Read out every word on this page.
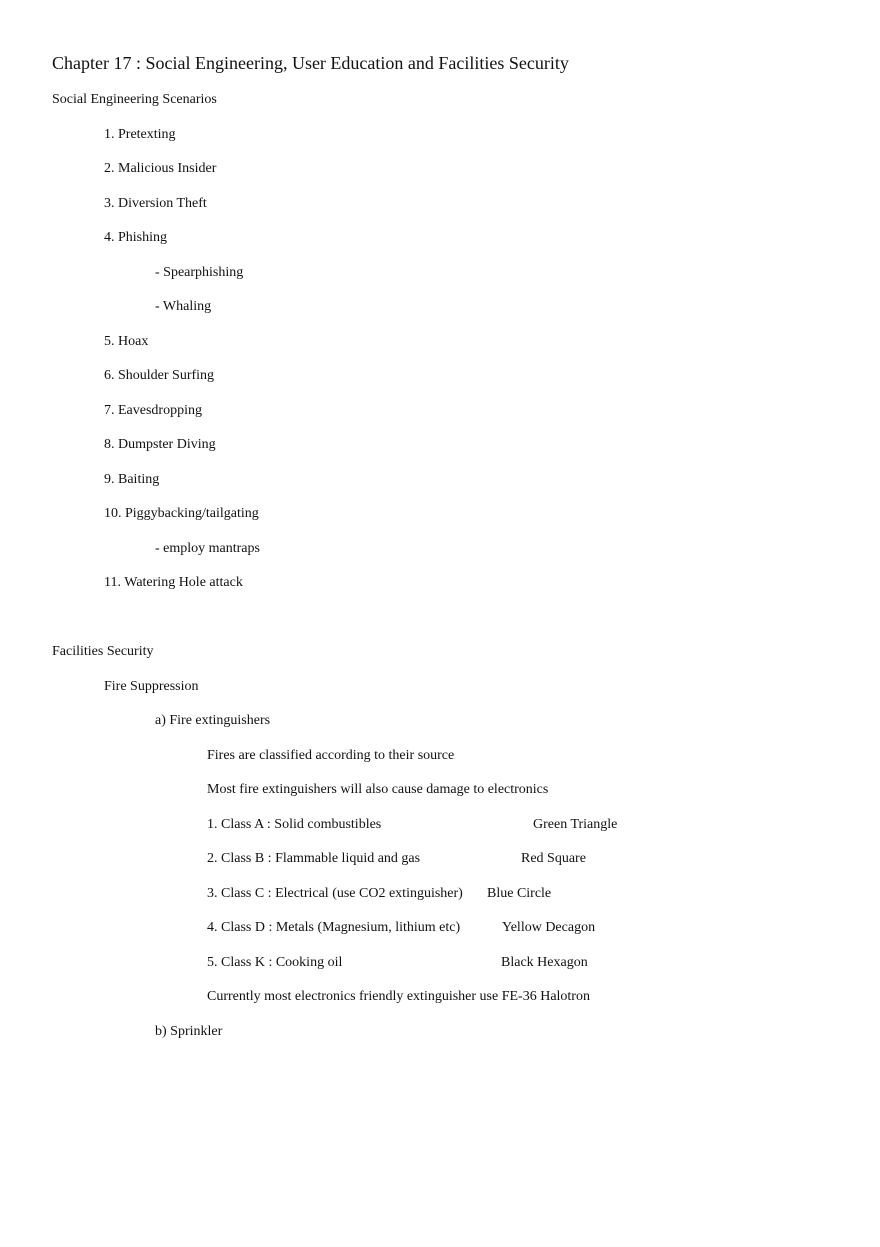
Chapter 17 : Social Engineering, User Education and Facilities Security
Social Engineering Scenarios
1. Pretexting
2. Malicious Insider
3. Diversion Theft
4. Phishing
- Spearphishing
- Whaling
5. Hoax
6. Shoulder Surfing
7. Eavesdropping
8. Dumpster Diving
9. Baiting
10. Piggybacking/tailgating
- employ mantraps
11. Watering Hole attack
Facilities Security
Fire Suppression
a) Fire extinguishers
Fires are classified according to their source
Most fire extinguishers will also cause damage to electronics
1. Class A : Solid combustibles	Green Triangle
2. Class B : Flammable liquid and gas	Red Square
3. Class C : Electrical (use CO2 extinguisher) Blue Circle
4. Class D : Metals (Magnesium, lithium etc)	Yellow Decagon
5. Class K : Cooking oil	Black Hexagon
Currently most electronics friendly extinguisher use FE-36 Halotron
b) Sprinkler
